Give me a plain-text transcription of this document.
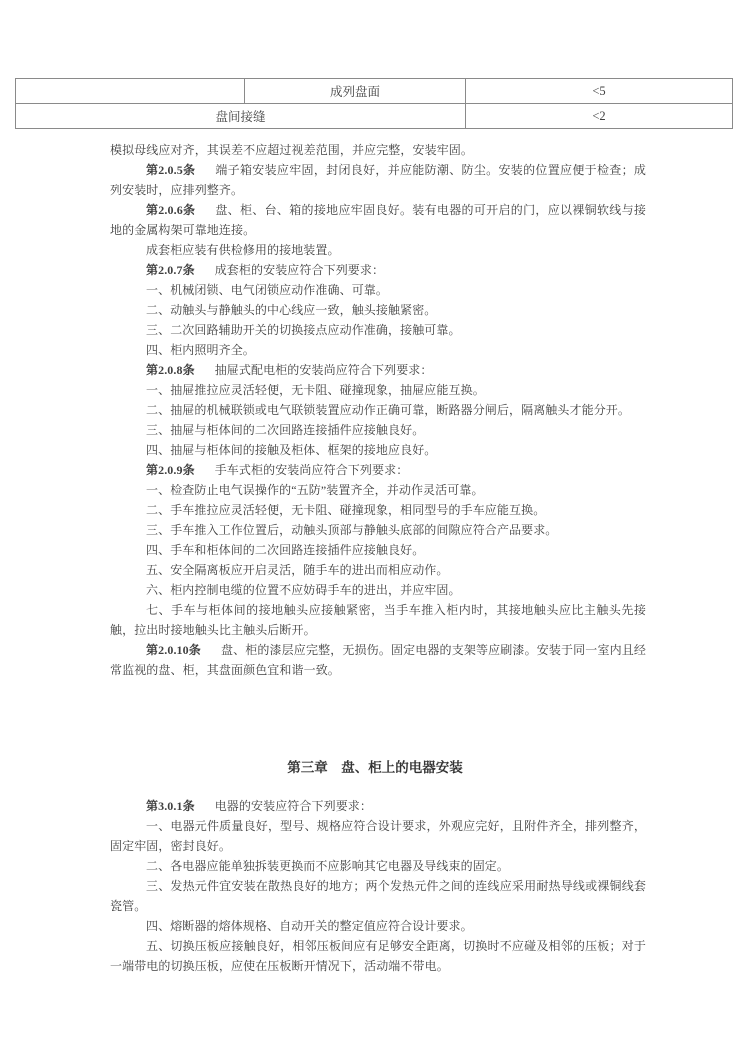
	成列盘面	<5
盘间接缝		<2

模拟母线应对齐，其误差不应超过视差范围，并应完整，安装牢固。

第2.0.5条 端子箱安装应牢固，封闭良好，并应能防潮、防尘。安装的位置应便于检查；成列安装时，应排列整齐。

第2.0.6条 盘、柜、台、箱的接地应牢固良好。装有电器的可开启的门，应以裸铜软线与接地的金属构架可靠地连接。

成套柜应装有供检修用的接地装置。

第2.0.7条 成套柜的安装应符合下列要求：

一、机械闭锁、电气闭锁应动作准确、可靠。

二、动触头与静触头的中心线应一致，触头接触紧密。

三、二次回路辅助开关的切换接点应动作准确，接触可靠。

四、柜内照明齐全。

第2.0.8条 抽屉式配电柜的安装尚应符合下列要求：

一、抽屉推拉应灵活轻便，无卡阻、碰撞现象，抽屉应能互换。

二、抽屉的机械联锁或电气联锁装置应动作正确可靠，断路器分闸后，隔离触头才能分开。

三、抽屉与柜体间的二次回路连接插件应接触良好。

四、抽屉与柜体间的接触及柜体、框架的接地应良好。

第2.0.9条 手车式柜的安装尚应符合下列要求：

一、检查防止电气误操作的“五防”装置齐全，并动作灵活可靠。

二、手车推拉应灵活轻便，无卡阻、碰撞现象，相同型号的手车应能互换。

三、手车推入工作位置后，动触头顶部与静触头底部的间隙应符合产品要求。

四、手车和柜体间的二次回路连接插件应接触良好。

五、安全隔离板应开启灵活，随手车的进出而相应动作。

六、柜内控制电缆的位置不应妨碍手车的进出，并应牢固。

七、手车与柜体间的接地触头应接触紧密，当手车推入柜内时，其接地触头应比主触头先接触，拉出时接地触头比主触头后断开。

第2.0.10条 盘、柜的漆层应完整，无损伤。固定电器的支架等应刷漆。安装于同一室内且经常监视的盘、柜，其盘面颜色宜和谐一致。

第三章　盘、柜上的电器安装

第3.0.1条 电器的安装应符合下列要求：

一、电器元件质量良好，型号、规格应符合设计要求，外观应完好，且附件齐全，排列整齐，固定牢固，密封良好。

二、各电器应能单独拆装更换而不应影响其它电器及导线束的固定。

三、发热元件宜安装在散热良好的地方；两个发热元件之间的连线应采用耐热导线或裸铜线套瓷管。

四、熔断器的熔体规格、自动开关的整定值应符合设计要求。

五、切换压板应接触良好，相邻压板间应有足够安全距离，切换时不应碰及相邻的压板；对于一端带电的切换压板，应使在压板断开情况下，活动端不带电。
